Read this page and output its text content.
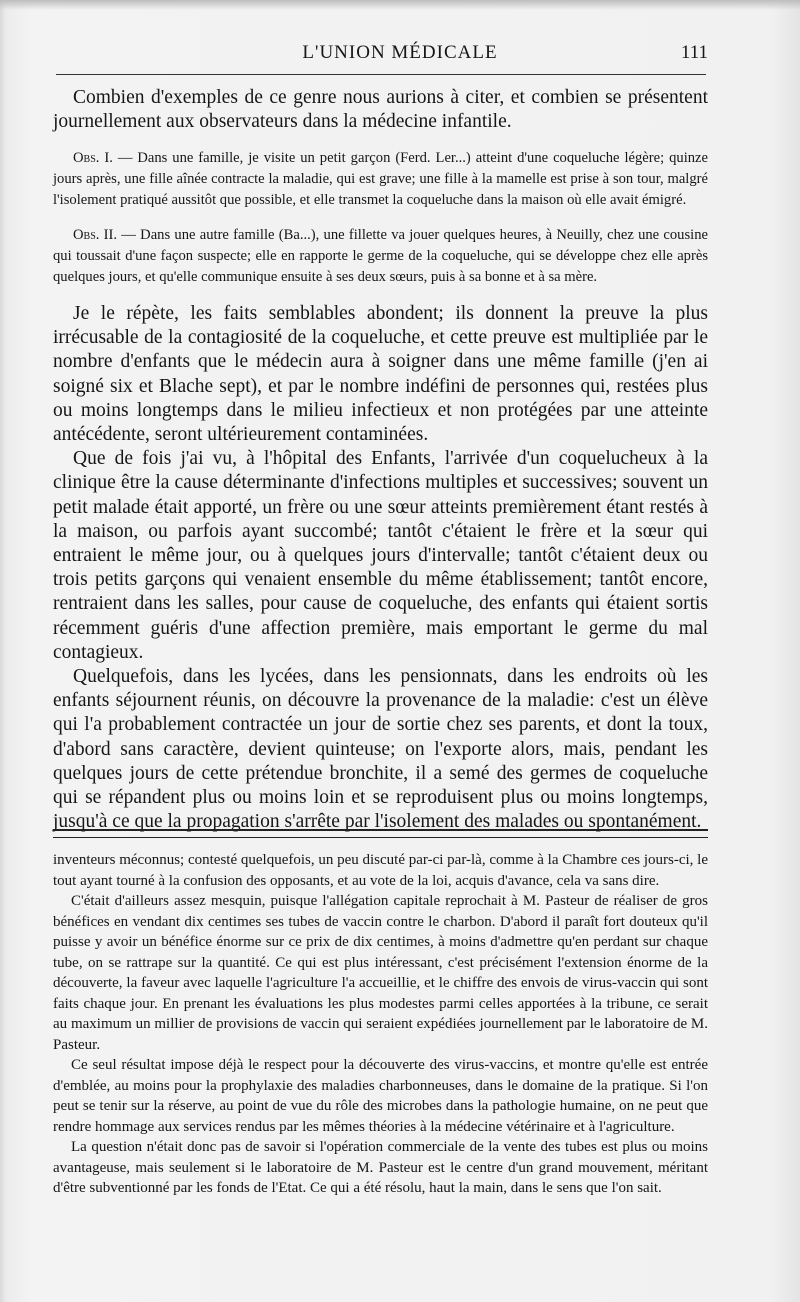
L'UNION MÉDICALE	111

Combien d'exemples de ce genre nous aurions à citer, et combien se présentent journellement aux observateurs dans la médecine infantile.

Obs. I. — Dans une famille, je visite un petit garçon (Ferd. Ler...) atteint d'une coqueluche légère; quinze jours après, une fille aînée contracte la maladie, qui est grave; une fille à la mamelle est prise à son tour, malgré l'isolement pratiqué aussitôt que possible, et elle transmet la coqueluche dans la maison où elle avait émigré.

Obs. II. — Dans une autre famille (Ba...), une fillette va jouer quelques heures, à Neuilly, chez une cousine qui toussait d'une façon suspecte; elle en rapporte le germe de la coqueluche, qui se développe chez elle après quelques jours, et qu'elle communique ensuite à ses deux sœurs, puis à sa bonne et à sa mère.

Je le répète, les faits semblables abondent; ils donnent la preuve la plus irrécusable de la contagiosité de la coqueluche, et cette preuve est multipliée par le nombre d'enfants que le médecin aura à soigner dans une même famille (j'en ai soigné six et Blache sept), et par le nombre indéfini de personnes qui, restées plus ou moins longtemps dans le milieu infectieux et non protégées par une atteinte antécédente, seront ultérieurement contaminées.

Que de fois j'ai vu, à l'hôpital des Enfants, l'arrivée d'un coquelucheux à la clinique être la cause déterminante d'infections multiples et successives; souvent un petit malade était apporté, un frère ou une sœur atteints premièrement étant restés à la maison, ou parfois ayant succombé; tantôt c'étaient le frère et la sœur qui entraient le même jour, ou à quelques jours d'intervalle; tantôt c'étaient deux ou trois petits garçons qui venaient ensemble du même établissement; tantôt encore, rentraient dans les salles, pour cause de coqueluche, des enfants qui étaient sortis récemment guéris d'une affection première, mais emportant le germe du mal contagieux.

Quelquefois, dans les lycées, dans les pensionnats, dans les endroits où les enfants séjournent réunis, on découvre la provenance de la maladie: c'est un élève qui l'a probablement contractée un jour de sortie chez ses parents, et dont la toux, d'abord sans caractère, devient quinteuse; on l'exporte alors, mais, pendant les quelques jours de cette prétendue bronchite, il a semé des germes de coqueluche qui se répandent plus ou moins loin et se reproduisent plus ou moins longtemps, jusqu'à ce que la propagation s'arrête par l'isolement des malades ou spontanément.

inventeurs méconnus; contesté quelquefois, un peu discuté par-ci par-là, comme à la Chambre ces jours-ci, le tout ayant tourné à la confusion des opposants, et au vote de la loi, acquis d'avance, cela va sans dire.

C'était d'ailleurs assez mesquin, puisque l'allégation capitale reprochait à M. Pasteur de réaliser de gros bénéfices en vendant dix centimes ses tubes de vaccin contre le charbon. D'abord il paraît fort douteux qu'il puisse y avoir un bénéfice énorme sur ce prix de dix centimes, à moins d'admettre qu'en perdant sur chaque tube, on se rattrape sur la quantité. Ce qui est plus intéressant, c'est précisément l'extension énorme de la découverte, la faveur avec laquelle l'agriculture l'a accueillie, et le chiffre des envois de virus-vaccin qui sont faits chaque jour. En prenant les évaluations les plus modestes parmi celles apportées à la tribune, ce serait au maximum un millier de provisions de vaccin qui seraient expédiées journellement par le laboratoire de M. Pasteur.

Ce seul résultat impose déjà le respect pour la découverte des virus-vaccins, et montre qu'elle est entrée d'emblée, au moins pour la prophylaxie des maladies charbonneuses, dans le domaine de la pratique. Si l'on peut se tenir sur la réserve, au point de vue du rôle des microbes dans la pathologie humaine, on ne peut que rendre hommage aux services rendus par les mêmes théories à la médecine vétérinaire et à l'agriculture.

La question n'était donc pas de savoir si l'opération commerciale de la vente des tubes est plus ou moins avantageuse, mais seulement si le laboratoire de M. Pasteur est le centre d'un grand mouvement, méritant d'être subventionné par les fonds de l'Etat. Ce qui a été résolu, haut la main, dans le sens que l'on sait.
